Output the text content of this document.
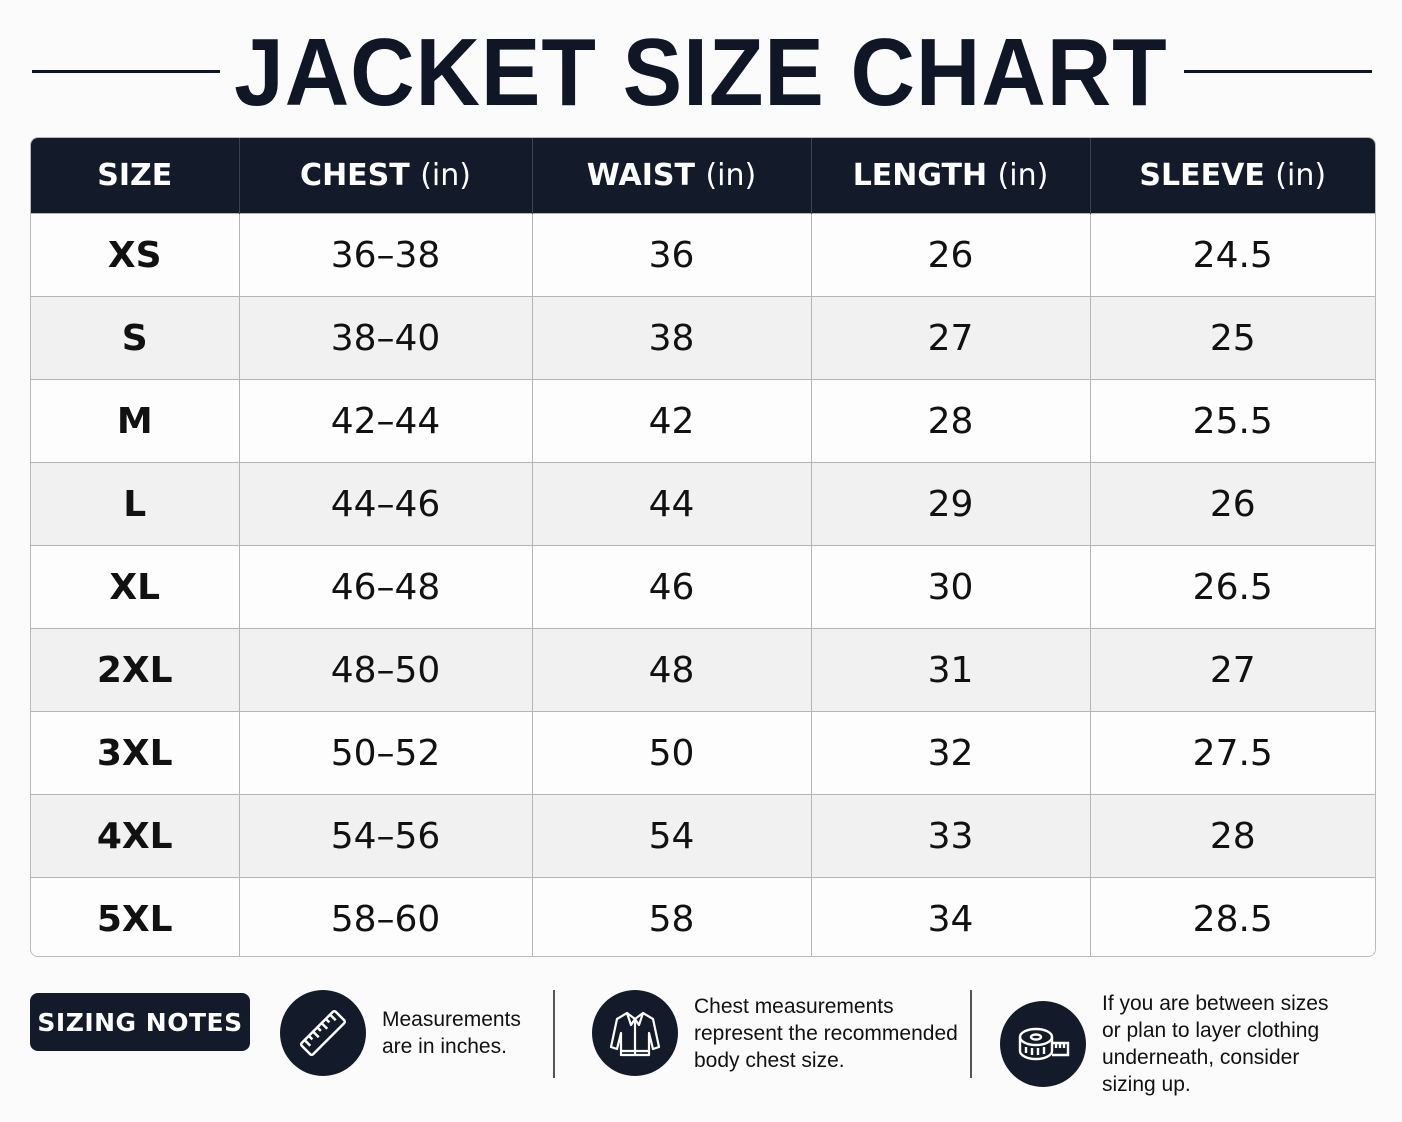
JACKET SIZE CHART
SIZE	CHEST (in)	WAIST (in)	LENGTH (in)	SLEEVE (in)
XS	36–38	36	26	24.5
S	38–40	38	27	25
M	42–44	42	28	25.5
L	44–46	44	29	26
XL	46–48	46	30	26.5
2XL	48–50	48	31	27
3XL	50–52	50	32	27.5
4XL	54–56	54	33	28
5XL	58–60	58	34	28.5
SIZING NOTES	Measurements
are in inches.
Chest measurements
represent the recommended
body chest size.
If you are between sizes
or plan to layer clothing
underneath, consider
sizing up.
